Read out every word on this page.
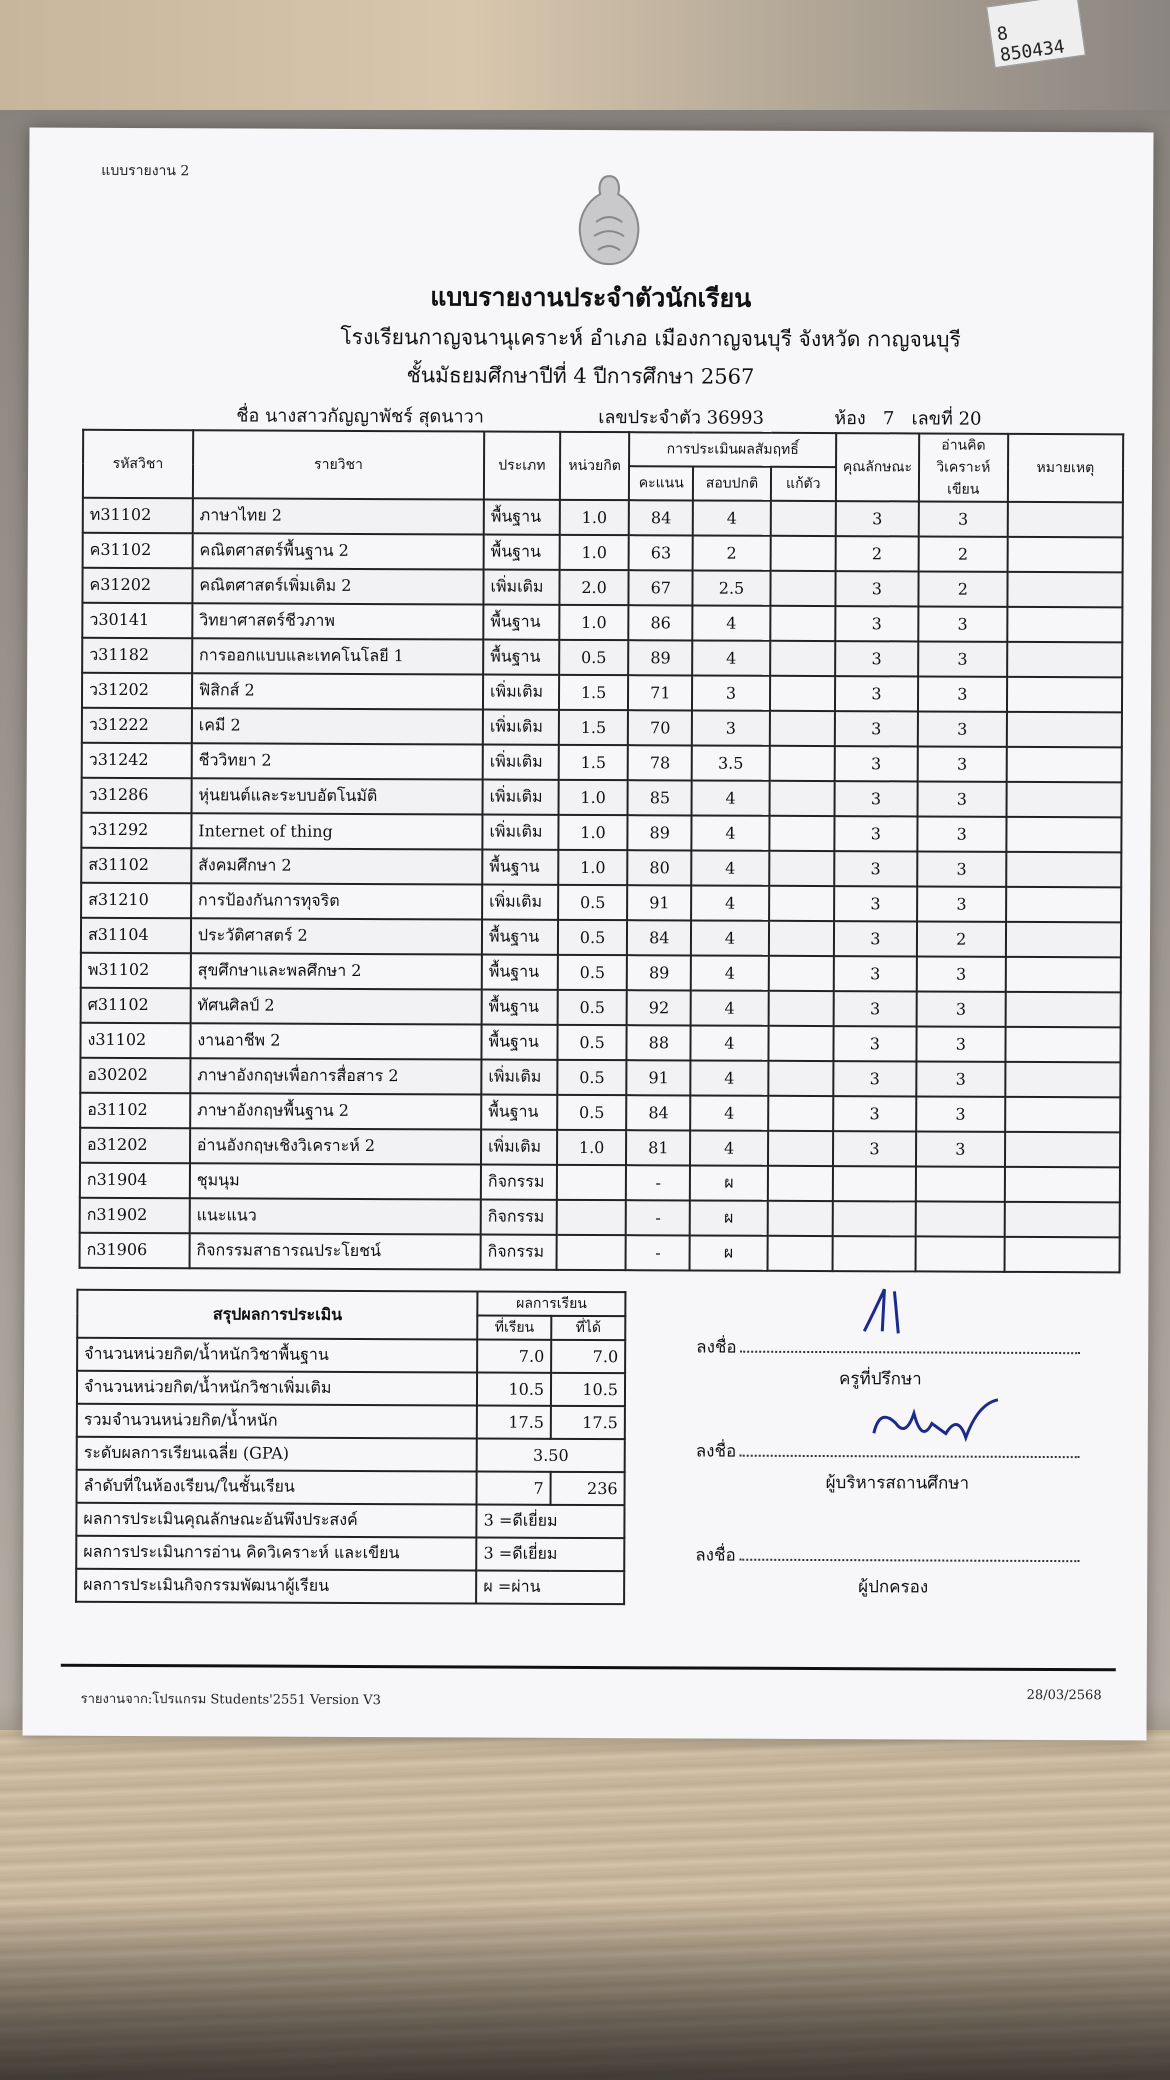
8 850434
แบบรายงาน 2
แบบรายงานประจำตัวนักเรียน
โรงเรียนกาญจนานุเคราะห์ อำเภอ เมืองกาญจนบุรี จังหวัด กาญจนบุรี
ชั้นมัธยมศึกษาปีที่ 4 ปีการศึกษา 2567
ชื่อ นางสาวกัญญาพัชร์ สุดนาวา	เลขประจำตัว 36993	ห้อง 7 เลขที่ 20
รหัสวิชา	รายวิชา	ประเภท	หน่วยกิต	การประเมินผลสัมฤทธิ์			คุณลักษณะ	อ่านคิดวิเคราะห์เขียน	หมายเหตุ
				คะแนน	สอบปกติ	แก้ตัว			
ท31102	ภาษาไทย 2	พื้นฐาน	1.0	84	4		3	3	
ค31102	คณิตศาสตร์พื้นฐาน 2	พื้นฐาน	1.0	63	2		2	2	
ค31202	คณิตศาสตร์เพิ่มเติม 2	เพิ่มเติม	2.0	67	2.5		3	2	
ว30141	วิทยาศาสตร์ชีวภาพ	พื้นฐาน	1.0	86	4		3	3	
ว31182	การออกแบบและเทคโนโลยี 1	พื้นฐาน	0.5	89	4		3	3	
ว31202	ฟิสิกส์ 2	เพิ่มเติม	1.5	71	3		3	3	
ว31222	เคมี 2	เพิ่มเติม	1.5	70	3		3	3	
ว31242	ชีววิทยา 2	เพิ่มเติม	1.5	78	3.5		3	3	
ว31286	หุ่นยนต์และระบบอัตโนมัติ	เพิ่มเติม	1.0	85	4		3	3	
ว31292	Internet of thing	เพิ่มเติม	1.0	89	4		3	3	
ส31102	สังคมศึกษา 2	พื้นฐาน	1.0	80	4		3	3	
ส31210	การป้องกันการทุจริต	เพิ่มเติม	0.5	91	4		3	3	
ส31104	ประวัติศาสตร์ 2	พื้นฐาน	0.5	84	4		3	2	
พ31102	สุขศึกษาและพลศึกษา 2	พื้นฐาน	0.5	89	4		3	3	
ศ31102	ทัศนศิลป์ 2	พื้นฐาน	0.5	92	4		3	3	
ง31102	งานอาชีพ 2	พื้นฐาน	0.5	88	4		3	3	
อ30202	ภาษาอังกฤษเพื่อการสื่อสาร 2	เพิ่มเติม	0.5	91	4		3	3	
อ31102	ภาษาอังกฤษพื้นฐาน 2	พื้นฐาน	0.5	84	4		3	3	
อ31202	อ่านอังกฤษเชิงวิเคราะห์ 2	เพิ่มเติม	1.0	81	4		3	3	
ก31904	ชุมนุม	กิจกรรม		-	ผ				
ก31902	แนะแนว	กิจกรรม		-	ผ				
ก31906	กิจกรรมสาธารณประโยชน์	กิจกรรม		-	ผ				
สรุปผลการประเมิน	ผลการเรียน	
	ที่เรียน	ที่ได้
จำนวนหน่วยกิต/น้ำหนักวิชาพื้นฐาน	7.0	7.0
จำนวนหน่วยกิต/น้ำหนักวิชาเพิ่มเติม	10.5	10.5
รวมจำนวนหน่วยกิต/น้ำหนัก	17.5	17.5
ระดับผลการเรียนเฉลี่ย (GPA)	3.50	
ลำดับที่ในห้องเรียน/ในชั้นเรียน	7	236
ผลการประเมินคุณลักษณะอันพึงประสงค์	3 =ดีเยี่ยม	
ผลการประเมินการอ่าน คิดวิเคราะห์ และเขียน	3 =ดีเยี่ยม	
ผลการประเมินกิจกรรมพัฒนาผู้เรียน	ผ =ผ่าน	
ลงชื่อ
ครูที่ปรึกษา
ลงชื่อ
ผู้บริหารสถานศึกษา
ลงชื่อ
ผู้ปกครอง
รายงานจาก:โปรแกรม Students'2551 Version V3	28/03/2568
